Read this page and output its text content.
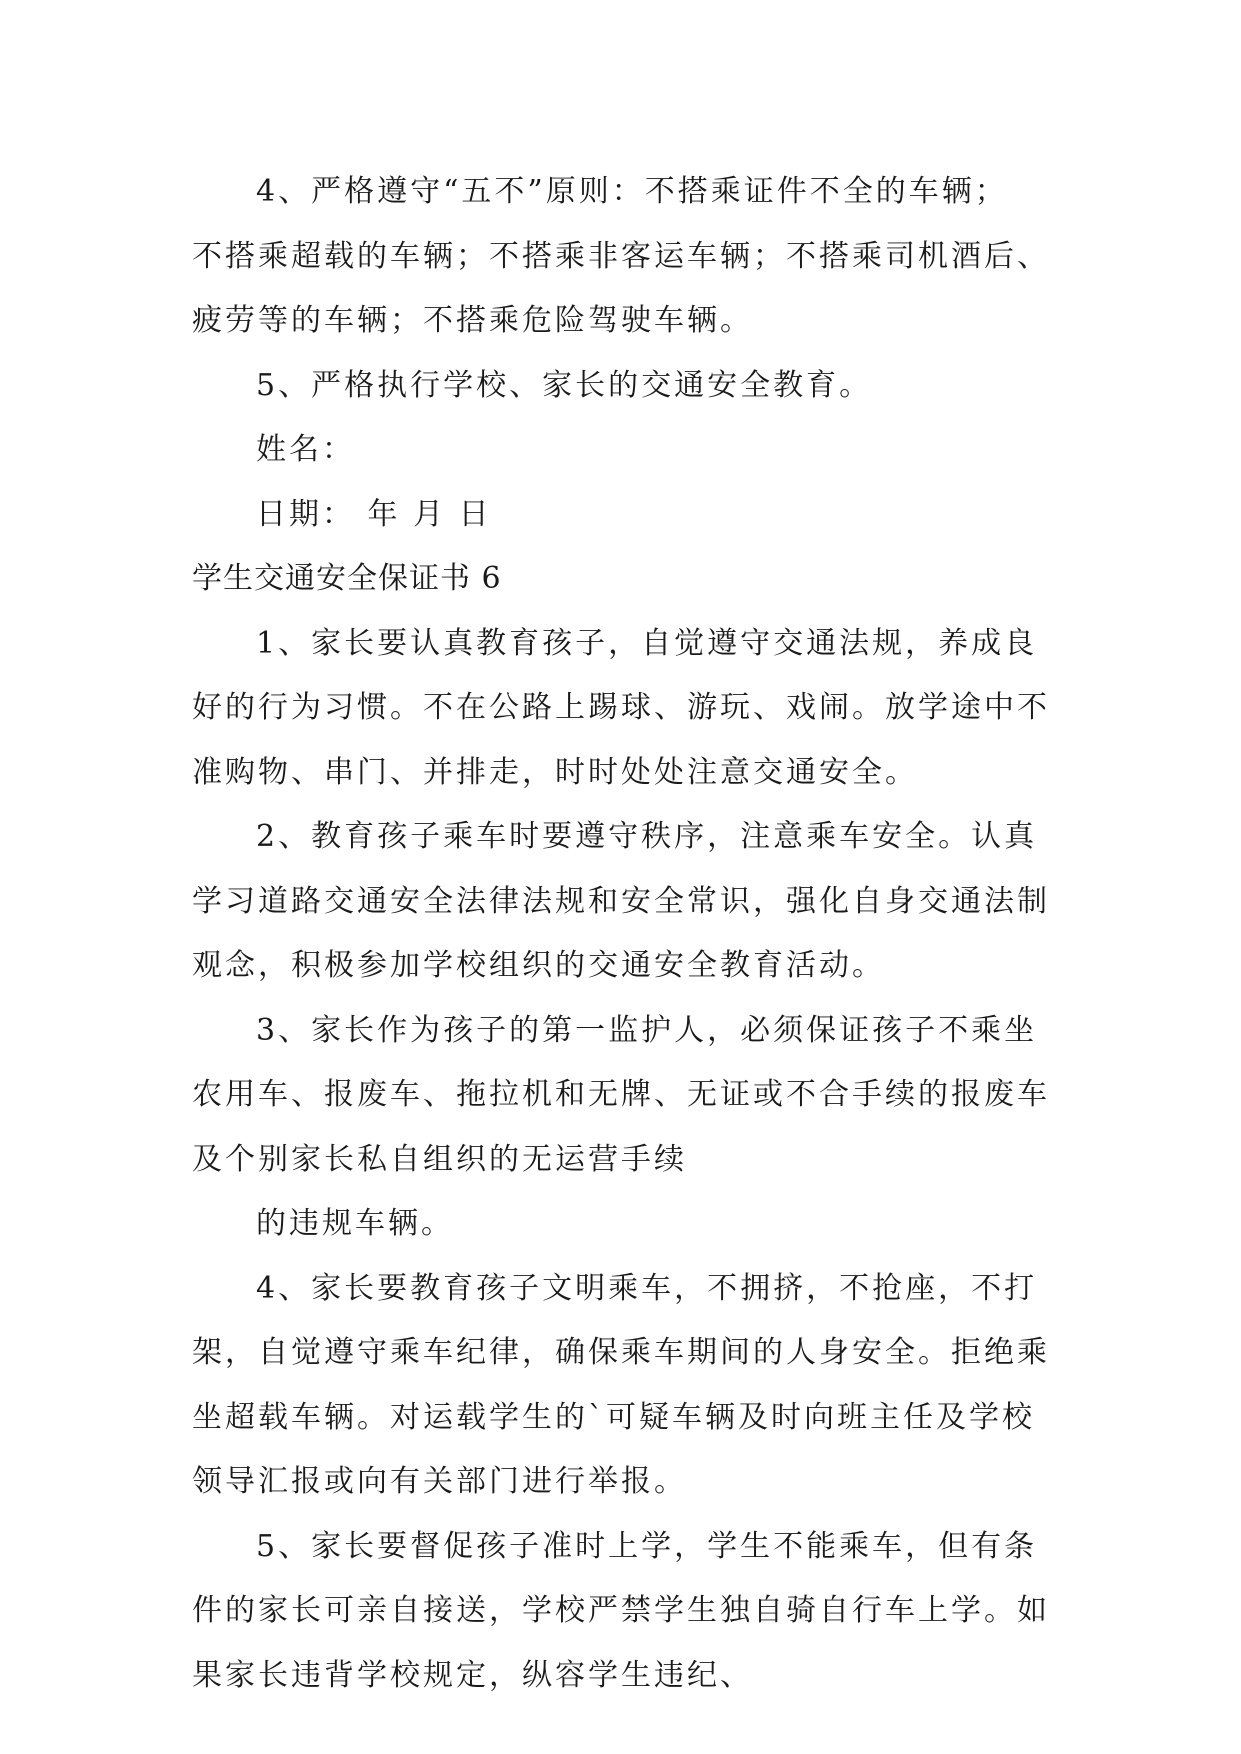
4、严格遵守“五不”原则：不搭乘证件不全的车辆；
不搭乘超载的车辆；不搭乘非客运车辆；不搭乘司机酒后、
疲劳等的车辆；不搭乘危险驾驶车辆。
5、严格执行学校、家长的交通安全教育。
姓名：
日期： 年 月 日
学生交通安全保证书 6
1、家长要认真教育孩子，自觉遵守交通法规，养成良
好的行为习惯。不在公路上踢球、游玩、戏闹。放学途中不
准购物、串门、并排走，时时处处注意交通安全。
2、教育孩子乘车时要遵守秩序，注意乘车安全。认真
学习道路交通安全法律法规和安全常识，强化自身交通法制
观念，积极参加学校组织的交通安全教育活动。
3、家长作为孩子的第一监护人，必须保证孩子不乘坐
农用车、报废车、拖拉机和无牌、无证或不合手续的报废车
及个别家长私自组织的无运营手续
的违规车辆。
4、家长要教育孩子文明乘车，不拥挤，不抢座，不打
架，自觉遵守乘车纪律，确保乘车期间的人身安全。拒绝乘
坐超载车辆。对运载学生的`可疑车辆及时向班主任及学校
领导汇报或向有关部门进行举报。
5、家长要督促孩子准时上学，学生不能乘车，但有条
件的家长可亲自接送，学校严禁学生独自骑自行车上学。如
果家长违背学校规定，纵容学生违纪、
